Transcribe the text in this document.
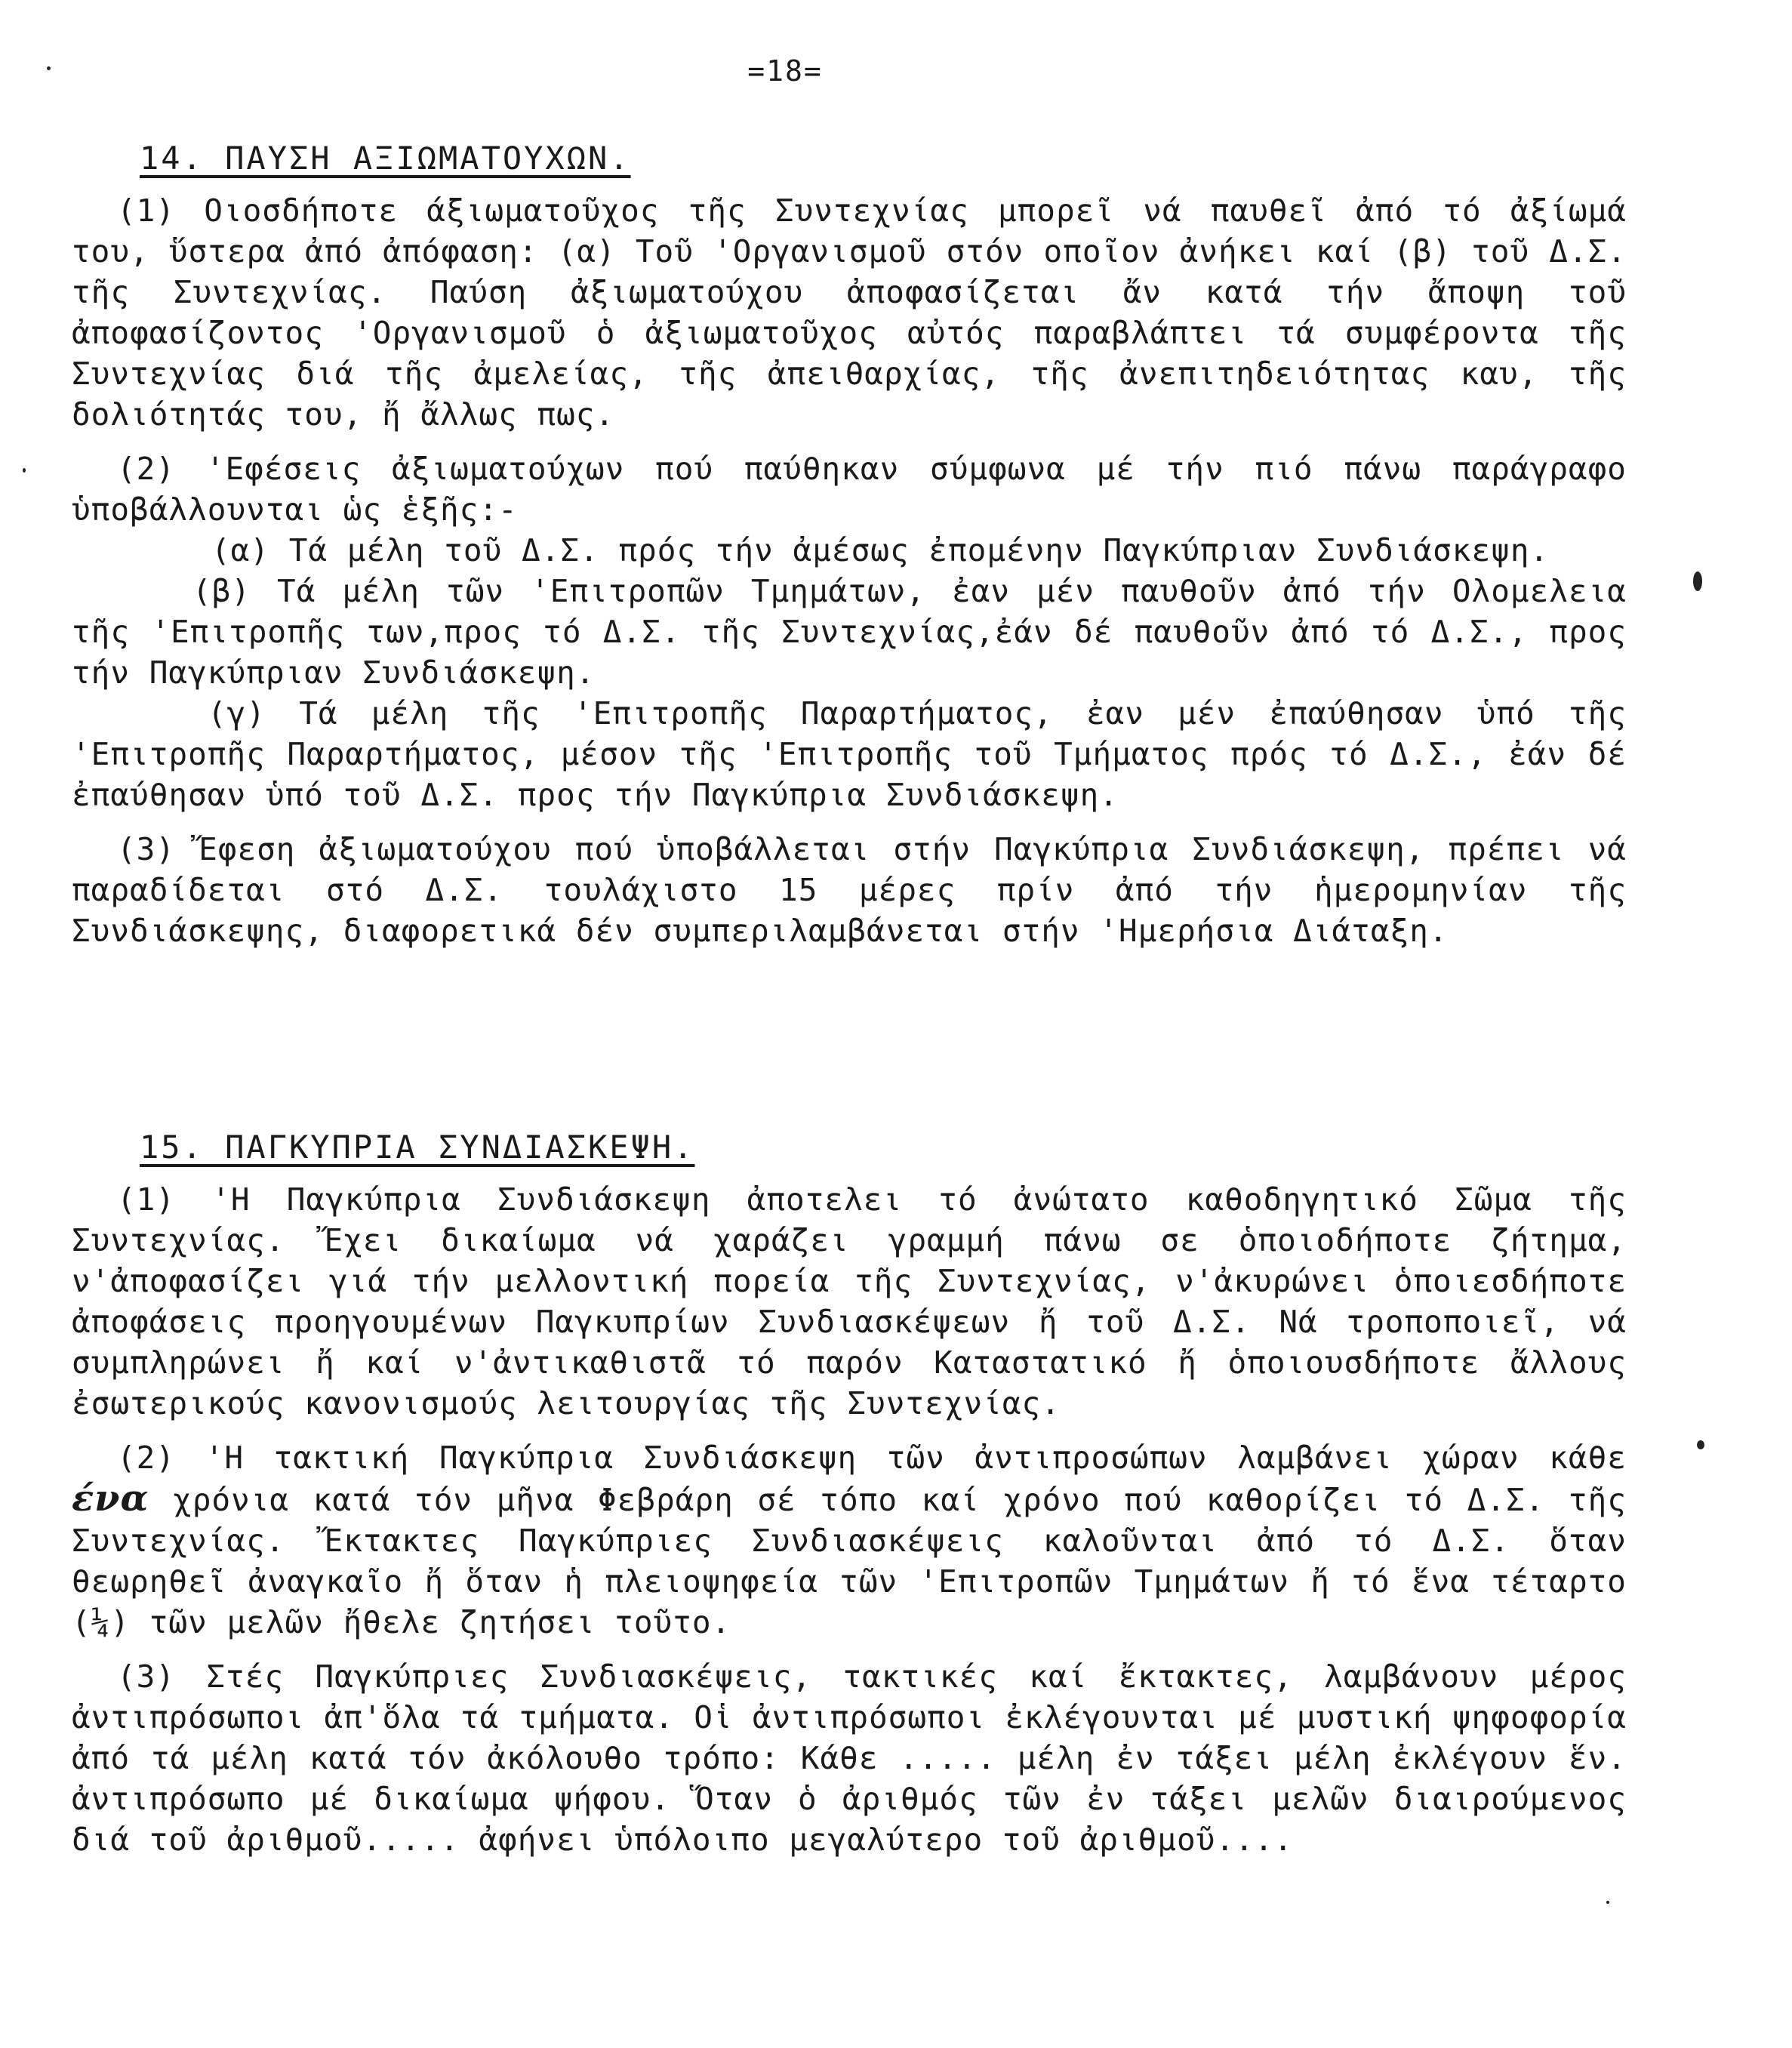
=18=
14. ΠΑΥΣΗ ΑΞΙΩΜΑΤΟΥΧΩΝ.

(1) Οιοσδήποτε άξιωματοῦχος τῆς Συντεχνίας μπορεῖ νά παυθεῖ ἀπό τό ἀξίωμά του, ὕστερα ἀπό ἀπόφαση: (α) Τοῦ 'Οργανισμοῦ στόν οποῖον ἀνήκει καί (β) τοῦ Δ.Σ. τῆς Συντεχνίας. Παύση ἀξιωματούχου ἀποφασίζεται ἄν κατά τήν ἄποψη τοῦ ἀποφασίζοντος 'Οργανισμοῦ ὁ ἀξιωματοῦχος αὐτός παραβλάπτει τά συμφέροντα τῆς Συντεχνίας διά τῆς ἀμελείας, τῆς ἀπειθαρχίας, τῆς ἀνεπιτηδειότητας καυ, τῆς δολιότητάς του, ἤ ἄλλως πως.

(2) 'Εφέσεις ἀξιωματούχων πού παύθηκαν σύμφωνα μέ τήν πιό πάνω παράγραφο ὑποβάλλουνται ὡς ἑξῆς:-

(α) Τά μέλη τοῦ Δ.Σ. πρός τήν ἀμέσως ἐπομένην Παγκύπριαν Συνδιάσκεψη.

(β) Τά μέλη τῶν 'Επιτροπῶν Τμημάτων, ἐαν μέν παυθοῦν ἀπό τήν Ολομελεια τῆς 'Επιτροπῆς των,προς τό Δ.Σ. τῆς Συντεχνίας,ἐάν δέ παυθοῦν ἀπό τό Δ.Σ., προς τήν Παγκύπριαν Συνδιάσκεψη.

(γ) Τά μέλη τῆς 'Επιτροπῆς Παραρτήματος, ἐαν μέν ἐπαύθησαν ὑπό τῆς 'Επιτροπῆς Παραρτήματος, μέσον τῆς 'Επιτροπῆς τοῦ Τμήματος πρός τό Δ.Σ., ἐάν δέ ἐπαύθησαν ὑπό τοῦ Δ.Σ. προς τήν Παγκύπρια Συνδιάσκεψη.

(3) Ἔφεση ἀξιωματούχου πού ὑποβάλλεται στήν Παγκύπρια Συνδιάσκεψη, πρέπει νά παραδίδεται στό Δ.Σ. τουλάχιστο 15 μέρες πρίν ἀπό τήν ἡμερομηνίαν τῆς Συνδιάσκεψης, διαφορετικά δέν συμπεριλαμβάνεται στήν 'Ημερήσια Διάταξη.

15. ΠΑΓΚΥΠΡΙΑ ΣΥΝΔΙΑΣΚΕΨΗ.

(1) 'Η Παγκύπρια Συνδιάσκεψη ἀποτελει τό ἀνώτατο καθοδηγητικό Σῶμα τῆς Συντεχνίας. Ἔχει δικαίωμα νά χαράζει γραμμή πάνω σε ὁποιοδήποτε ζήτημα, ν'ἀποφασίζει γιά τήν μελλοντική πορεία τῆς Συντεχνίας, ν'ἀκυρώνει ὁποιεσδήποτε ἀποφάσεις προηγουμένων Παγκυπρίων Συνδιασκέψεων ἤ τοῦ Δ.Σ. Νά τροποποιεῖ, νά συμπληρώνει ἤ καί ν'ἀντικαθιστᾶ τό παρόν Καταστατικό ἤ ὁποιουσδήποτε ἄλλους ἐσωτερικούς κανονισμούς λειτουργίας τῆς Συντεχνίας.

(2) 'Η τακτική Παγκύπρια Συνδιάσκεψη τῶν ἀντιπροσώπων λαμβάνει χώραν κάθε ένα χρόνια κατά τόν μῆνα Φεβράρη σέ τόπο καί χρόνο πού καθορίζει τό Δ.Σ. τῆς Συντεχνίας. Ἔκτακτες Παγκύπριες Συνδιασκέψεις καλοῦνται ἀπό τό Δ.Σ. ὅταν θεωρηθεῖ ἀναγκαῖο ἤ ὅταν ἡ πλειοψηφεία τῶν 'Επιτροπῶν Τμημάτων ἤ τό ἕνα τέταρτο (¼) τῶν μελῶν ἤθελε ζητήσει τοῦτο.

(3) Στές Παγκύπριες Συνδιασκέψεις, τακτικές καί ἔκτακτες, λαμβάνουν μέρος ἀντιπρόσωποι ἀπ'ὅλα τά τμήματα. Οἱ ἀντιπρόσωποι ἐκλέγουνται μέ μυστική ψηφοφορία ἀπό τά μέλη κατά τόν ἀκόλουθο τρόπο: Κάθε ..... μέλη ἐν τάξει μέλη ἐκλέγουν ἕν. ἀντιπρόσωπο μέ δικαίωμα ψήφου. Ὅταν ὁ ἀριθμός τῶν ἐν τάξει μελῶν διαιρούμενος διά τοῦ ἀριθμοῦ..... ἀφήνει ὑπόλοιπο μεγαλύτερο τοῦ ἀριθμοῦ....
